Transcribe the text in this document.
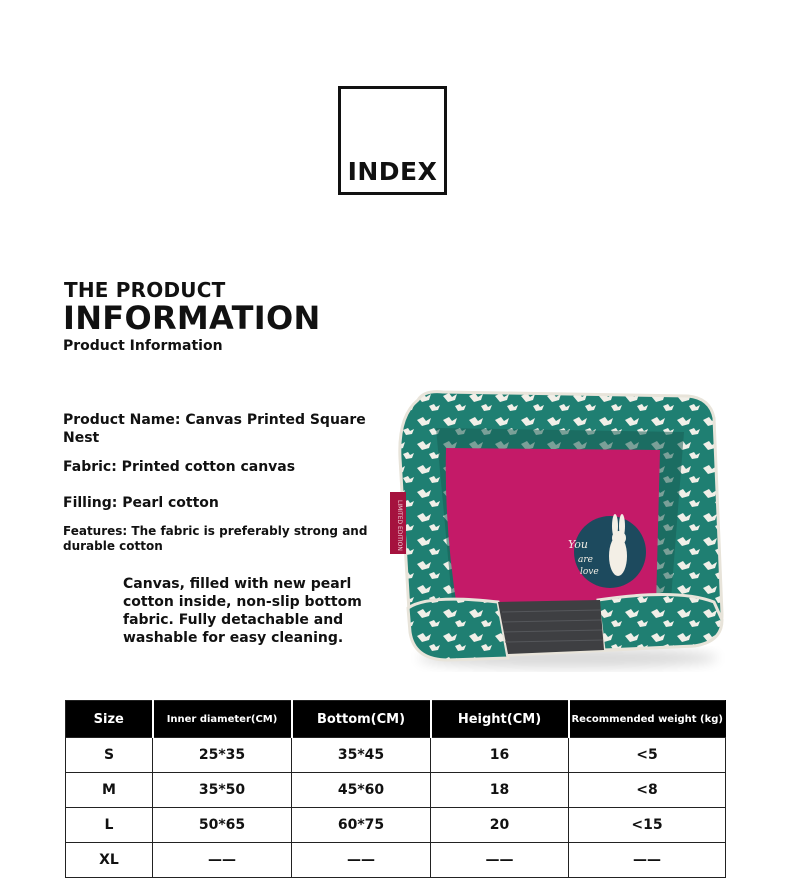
INDEX
THE PRODUCT
INFORMATION
Product Information
Product Name: Canvas Printed Square
Nest
Fabric: Printed cotton canvas
Filling: Pearl cotton
Features: The fabric is preferably strong and
durable cotton
Canvas, filled with new pearl cotton inside, non-slip bottom fabric. Fully detachable and washable for easy cleaning.
LIMITED EDITION	You
are
love
Size	Inner diameter(CM)	Bottom(CM)	Height(CM)	Recommended weight (kg)
S	25*35	35*45	16	<5
M	35*50	45*60	18	<8
L	50*65	60*75	20	<15
XL	——	——	——	——
